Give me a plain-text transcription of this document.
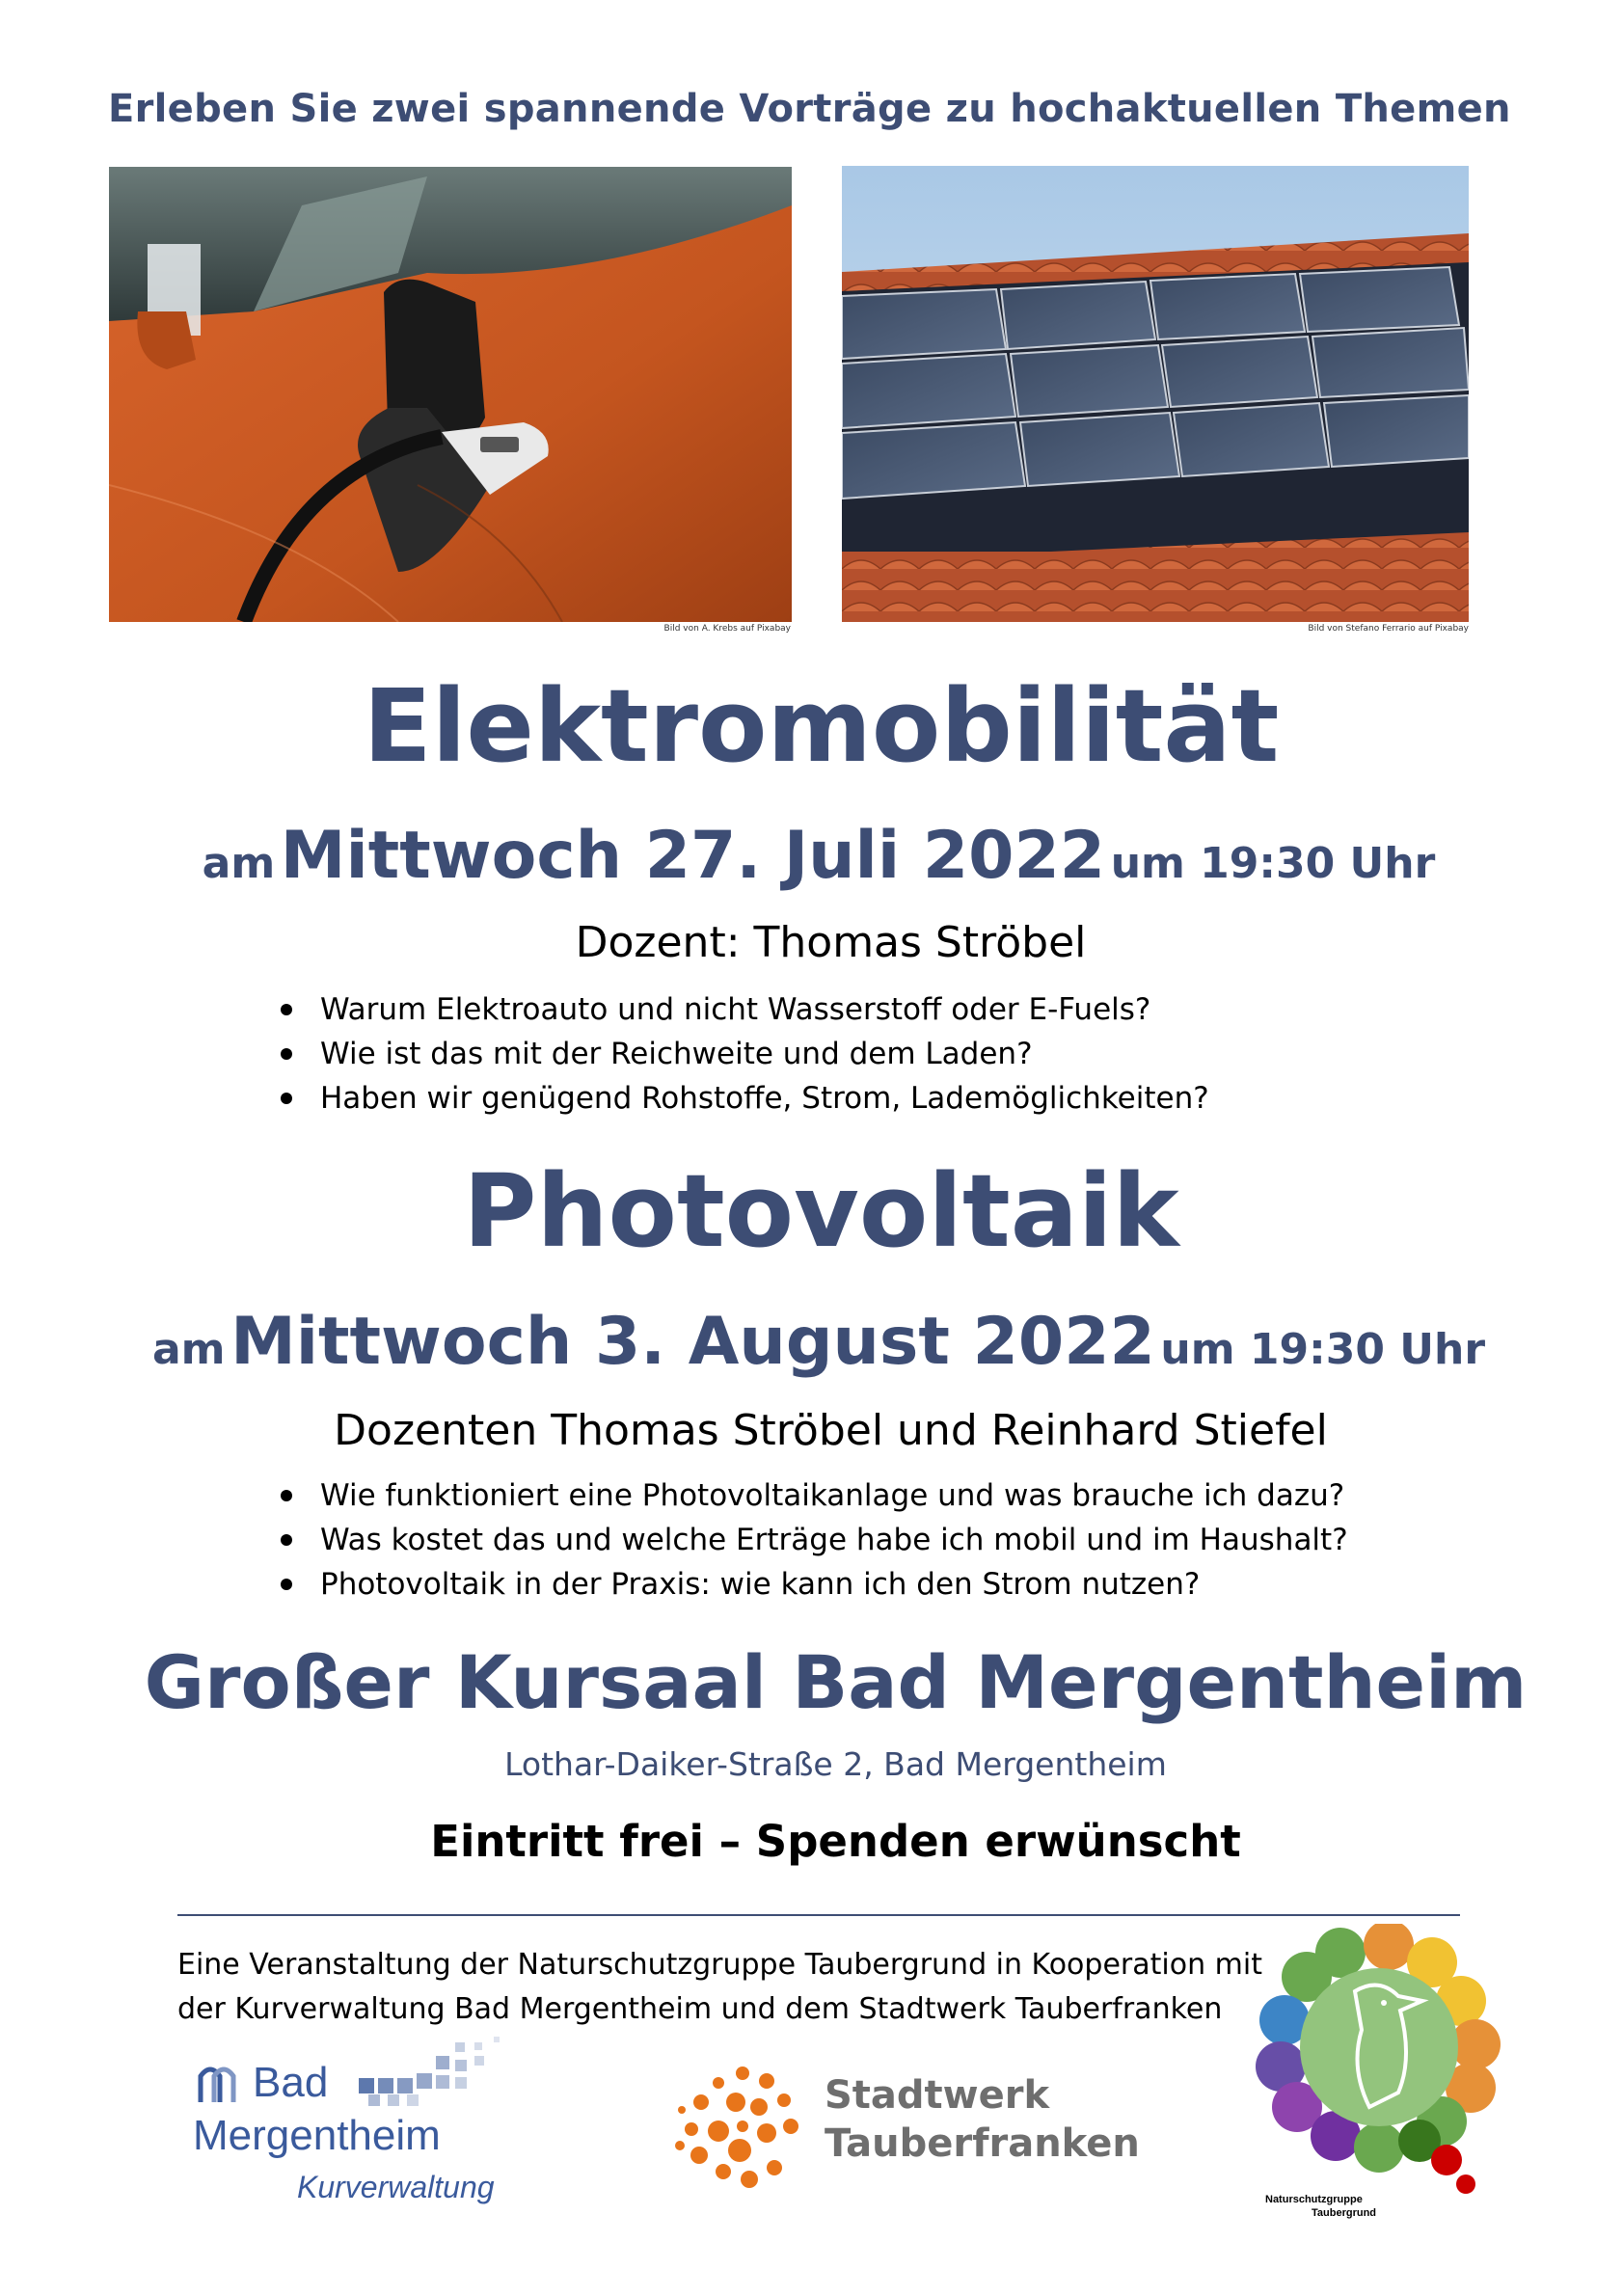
Erleben Sie zwei spannende Vorträge zu hochaktuellen Themen
Bild von A. Krebs auf Pixabay	Bild von Stefano Ferrario auf Pixabay
Elektromobilität
am Mittwoch 27. Juli 2022 um 19:30 Uhr
Dozent: Thomas Ströbel
Warum Elektroauto und nicht Wasserstoff oder E-Fuels?
Wie ist das mit der Reichweite und dem Laden?
Haben wir genügend Rohstoffe, Strom, Lademöglichkeiten?
Photovoltaik
am Mittwoch 3. August 2022 um 19:30 Uhr
Dozenten Thomas Ströbel und Reinhard Stiefel
Wie funktioniert eine Photovoltaikanlage und was brauche ich dazu?
Was kostet das und welche Erträge habe ich mobil und im Haushalt?
Photovoltaik in der Praxis: wie kann ich den Strom nutzen?
Großer Kursaal Bad Mergentheim
Lothar-Daiker-Straße 2, Bad Mergentheim
Eintritt frei – Spenden erwünscht
Eine Veranstaltung der Naturschutzgruppe Taubergrund in Kooperation mit
der Kurverwaltung Bad Mergentheim und dem Stadtwerk Tauberfranken
Bad
Mergentheim
Kurverwaltung
Stadtwerk
Tauberfranken
Naturschutzgruppe
Taubergrund
